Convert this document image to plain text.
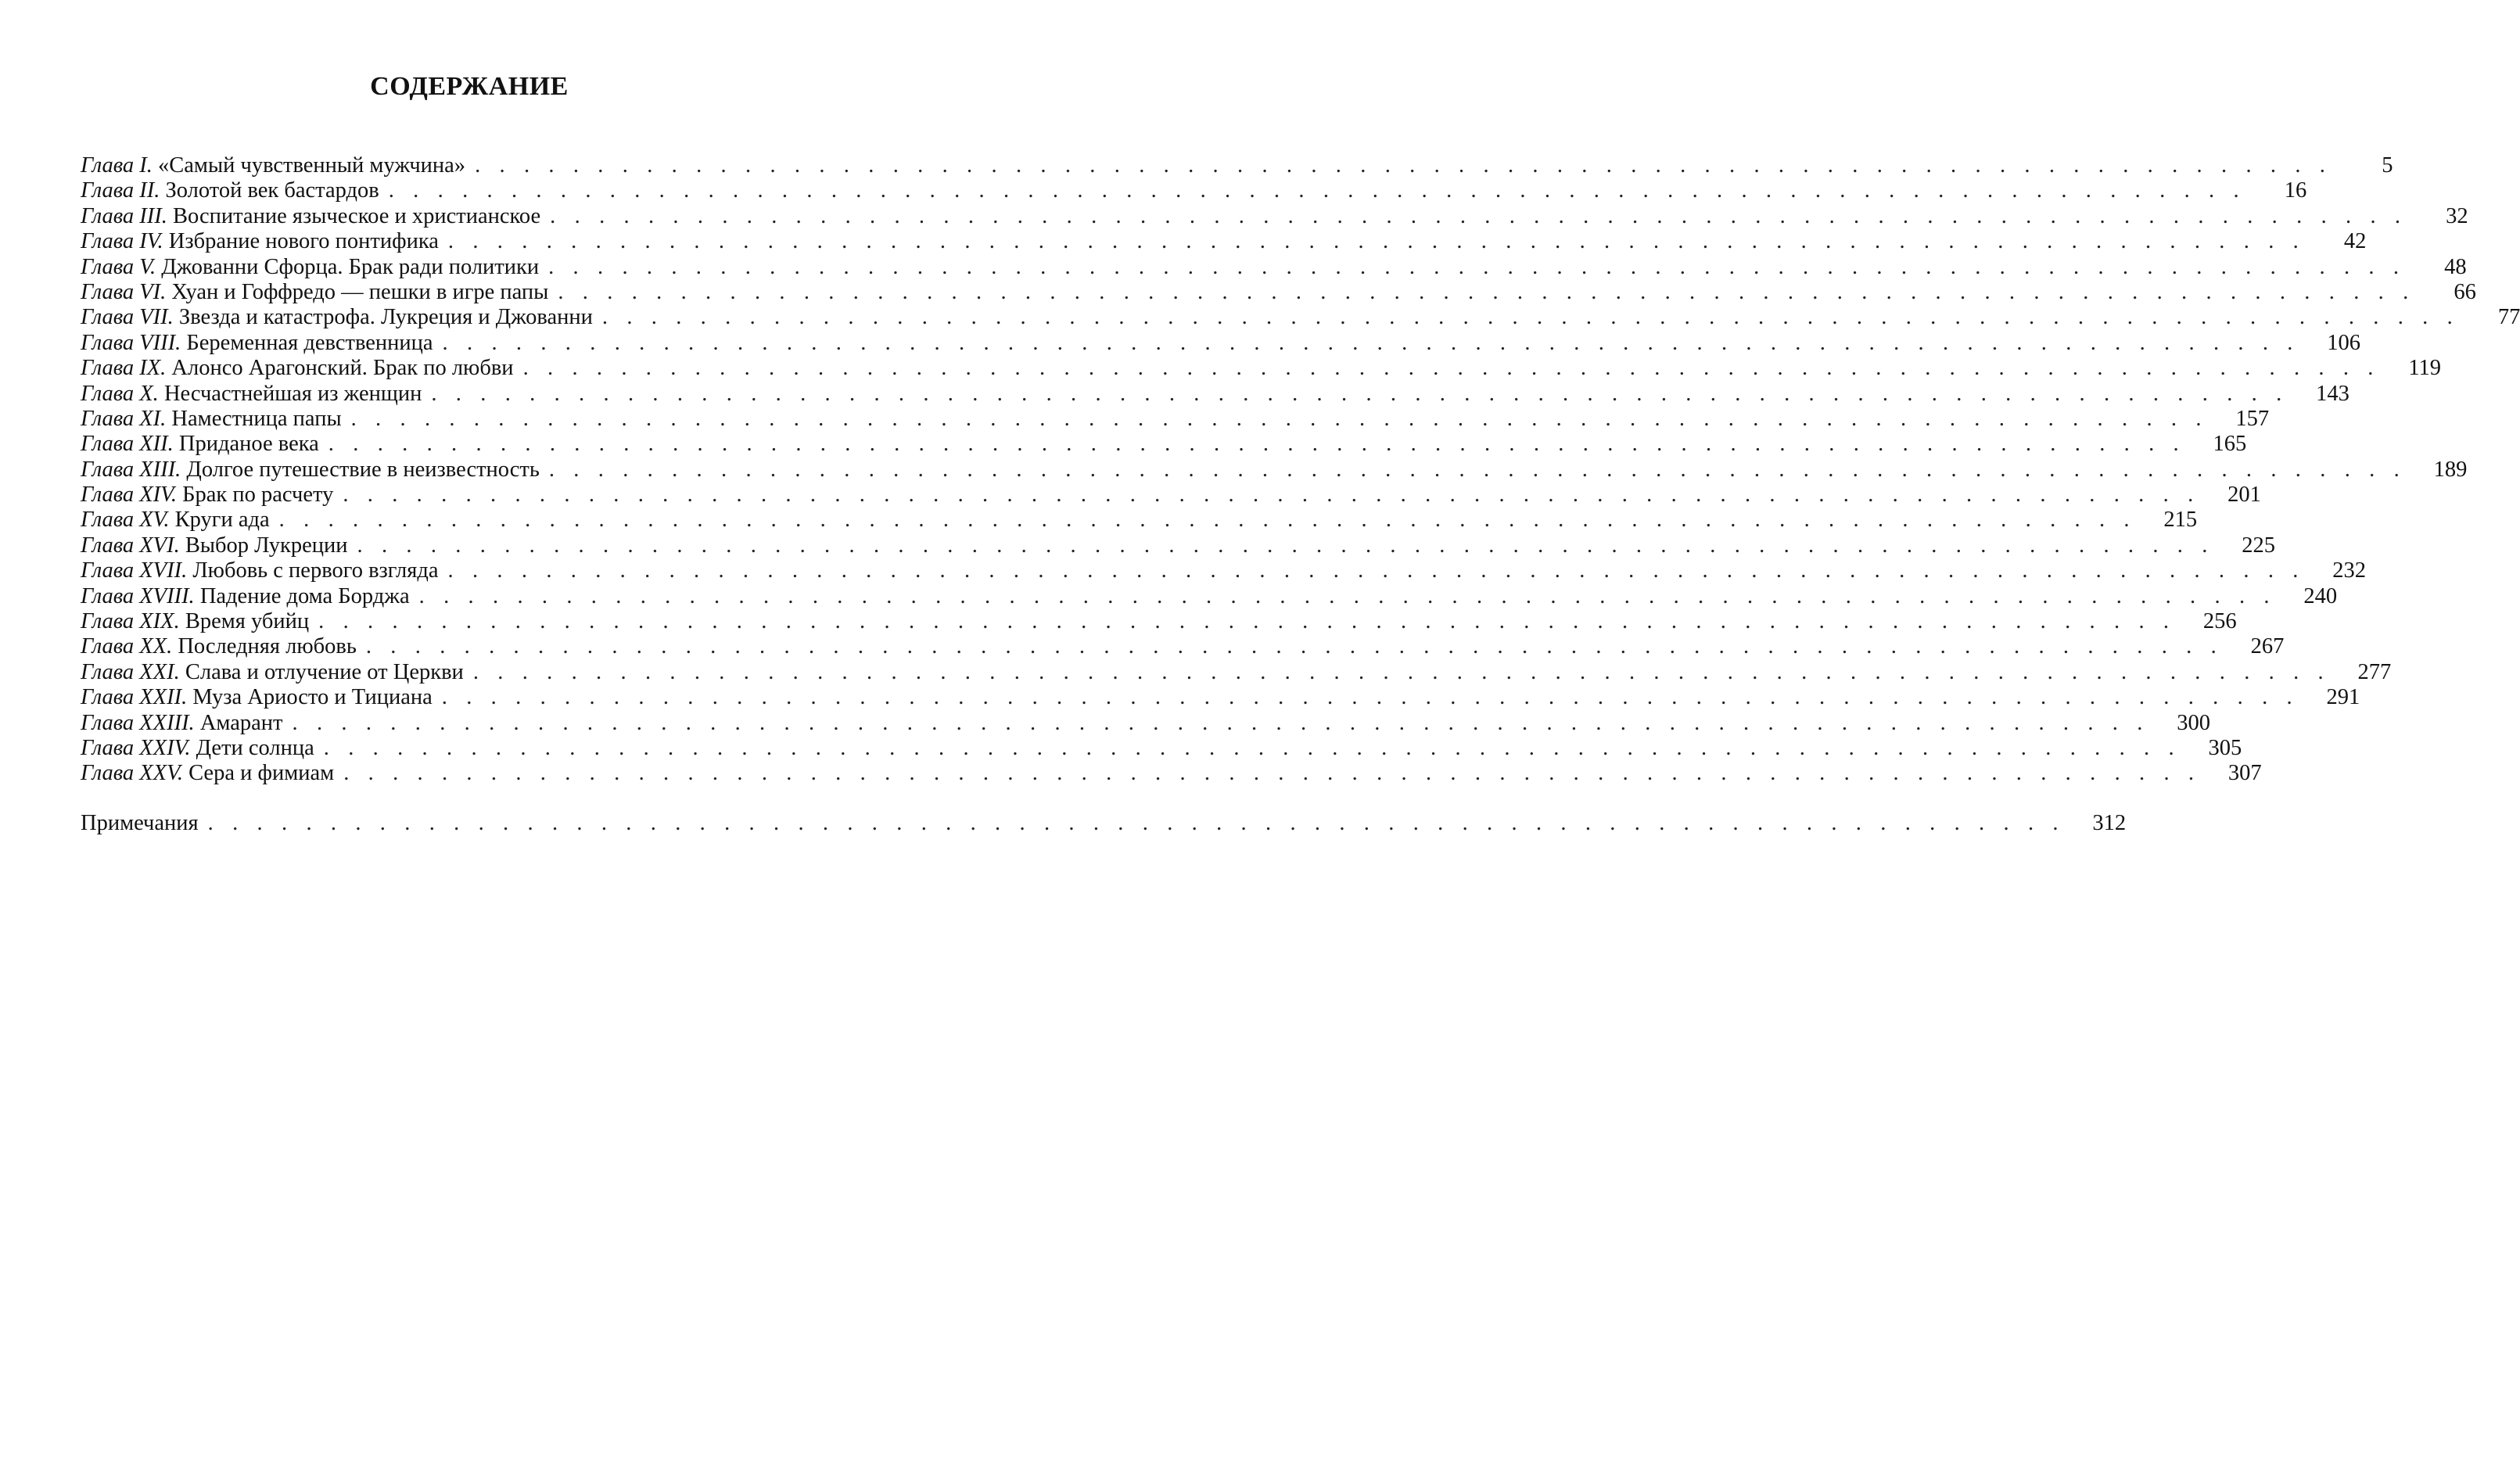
СОДЕРЖАНИЕ
Глава I. «Самый чувственный мужчина» . . . . . . . . . . . . . . . . . . . . . . . . . . . . . . . . . . . . . . . . . . . . . . . . . . . . . . . . . . . . . . . . . . . . . . . . . . . .	5
Глава II. Золотой век бастардов . . . . . . . . . . . . . . . . . . . . . . . . . . . . . . . . . . . . . . . . . . . . . . . . . . . . . . . . . . . . . . . . . . . . . . . . . . . .	16
Глава III. Воспитание языческое и христианское . . . . . . . . . . . . . . . . . . . . . . . . . . . . . . . . . . . . . . . . . . . . . . . . . . . . . . . . . . . . . . . . . . . . . . . . . . . .	32
Глава IV. Избрание нового понтифика . . . . . . . . . . . . . . . . . . . . . . . . . . . . . . . . . . . . . . . . . . . . . . . . . . . . . . . . . . . . . . . . . . . . . . . . . . . .	42
Глава V. Джованни Сфорца. Брак ради политики . . . . . . . . . . . . . . . . . . . . . . . . . . . . . . . . . . . . . . . . . . . . . . . . . . . . . . . . . . . . . . . . . . . . . . . . . . . .	48
Глава VI. Хуан и Гоффредо — пешки в игре папы . . . . . . . . . . . . . . . . . . . . . . . . . . . . . . . . . . . . . . . . . . . . . . . . . . . . . . . . . . . . . . . . . . . . . . . . . . . .	66
Глава VII. Звезда и катастрофа. Лукреция и Джованни . . . . . . . . . . . . . . . . . . . . . . . . . . . . . . . . . . . . . . . . . . . . . . . . . . . . . . . . . . . . . . . . . . . . . . . . . . . .	77
Глава VIII. Беременная девственница . . . . . . . . . . . . . . . . . . . . . . . . . . . . . . . . . . . . . . . . . . . . . . . . . . . . . . . . . . . . . . . . . . . . . . . . . . . .	106
Глава IX. Алонсо Арагонский. Брак по любви . . . . . . . . . . . . . . . . . . . . . . . . . . . . . . . . . . . . . . . . . . . . . . . . . . . . . . . . . . . . . . . . . . . . . . . . . . . .	119
Глава X. Несчастнейшая из женщин . . . . . . . . . . . . . . . . . . . . . . . . . . . . . . . . . . . . . . . . . . . . . . . . . . . . . . . . . . . . . . . . . . . . . . . . . . . .	143
Глава XI. Наместница папы . . . . . . . . . . . . . . . . . . . . . . . . . . . . . . . . . . . . . . . . . . . . . . . . . . . . . . . . . . . . . . . . . . . . . . . . . . . .	157
Глава XII. Приданое века . . . . . . . . . . . . . . . . . . . . . . . . . . . . . . . . . . . . . . . . . . . . . . . . . . . . . . . . . . . . . . . . . . . . . . . . . . . .	165
Глава XIII. Долгое путешествие в неизвестность . . . . . . . . . . . . . . . . . . . . . . . . . . . . . . . . . . . . . . . . . . . . . . . . . . . . . . . . . . . . . . . . . . . . . . . . . . . .	189
Глава XIV. Брак по расчету . . . . . . . . . . . . . . . . . . . . . . . . . . . . . . . . . . . . . . . . . . . . . . . . . . . . . . . . . . . . . . . . . . . . . . . . . . . .	201
Глава XV. Круги ада . . . . . . . . . . . . . . . . . . . . . . . . . . . . . . . . . . . . . . . . . . . . . . . . . . . . . . . . . . . . . . . . . . . . . . . . . . . .	215
Глава XVI. Выбор Лукреции . . . . . . . . . . . . . . . . . . . . . . . . . . . . . . . . . . . . . . . . . . . . . . . . . . . . . . . . . . . . . . . . . . . . . . . . . . . .	225
Глава XVII. Любовь с первого взгляда . . . . . . . . . . . . . . . . . . . . . . . . . . . . . . . . . . . . . . . . . . . . . . . . . . . . . . . . . . . . . . . . . . . . . . . . . . . .	232
Глава XVIII. Падение дома Борджа . . . . . . . . . . . . . . . . . . . . . . . . . . . . . . . . . . . . . . . . . . . . . . . . . . . . . . . . . . . . . . . . . . . . . . . . . . . .	240
Глава XIX. Время убийц . . . . . . . . . . . . . . . . . . . . . . . . . . . . . . . . . . . . . . . . . . . . . . . . . . . . . . . . . . . . . . . . . . . . . . . . . . . .	256
Глава XX. Последняя любовь . . . . . . . . . . . . . . . . . . . . . . . . . . . . . . . . . . . . . . . . . . . . . . . . . . . . . . . . . . . . . . . . . . . . . . . . . . . .	267
Глава XXI. Слава и отлучение от Церкви . . . . . . . . . . . . . . . . . . . . . . . . . . . . . . . . . . . . . . . . . . . . . . . . . . . . . . . . . . . . . . . . . . . . . . . . . . . .	277
Глава XXII. Муза Ариосто и Тициана . . . . . . . . . . . . . . . . . . . . . . . . . . . . . . . . . . . . . . . . . . . . . . . . . . . . . . . . . . . . . . . . . . . . . . . . . . . .	291
Глава XXIII. Амарант . . . . . . . . . . . . . . . . . . . . . . . . . . . . . . . . . . . . . . . . . . . . . . . . . . . . . . . . . . . . . . . . . . . . . . . . . . . .	300
Глава XXIV. Дети солнца . . . . . . . . . . . . . . . . . . . . . . . . . . . . . . . . . . . . . . . . . . . . . . . . . . . . . . . . . . . . . . . . . . . . . . . . . . . .	305
Глава XXV. Сера и фимиам . . . . . . . . . . . . . . . . . . . . . . . . . . . . . . . . . . . . . . . . . . . . . . . . . . . . . . . . . . . . . . . . . . . . . . . . . . . .	307
Примечания . . . . . . . . . . . . . . . . . . . . . . . . . . . . . . . . . . . . . . . . . . . . . . . . . . . . . . . . . . . . . . . . . . . . . . . . . . . .	312
